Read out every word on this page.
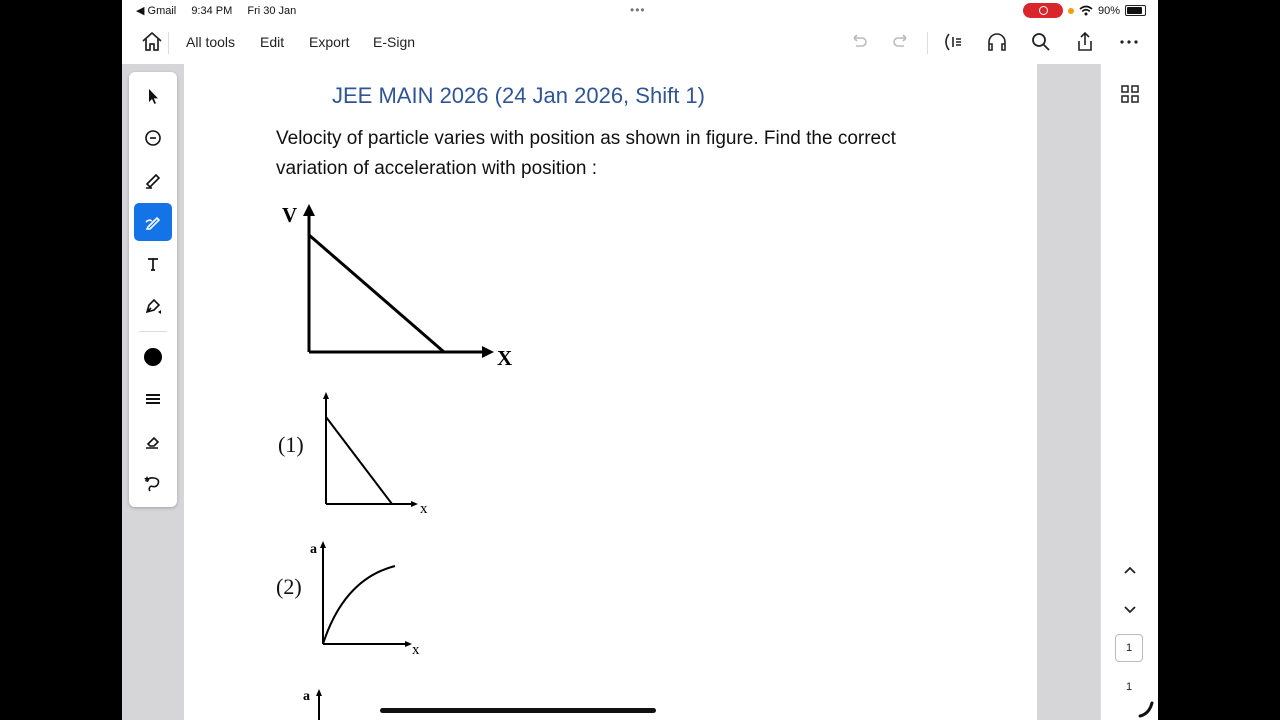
◀ Gmail 9:34 PM Fri 30 Jan	•••	90%
All tools Edit Export E-Sign
JEE MAIN 2026 (24 Jan 2026, Shift 1)
Velocity of particle varies with position as shown in figure. Find the correct
variation of acceleration with position :
V
X
(1)
x
(2)
a
x
a
1
1
